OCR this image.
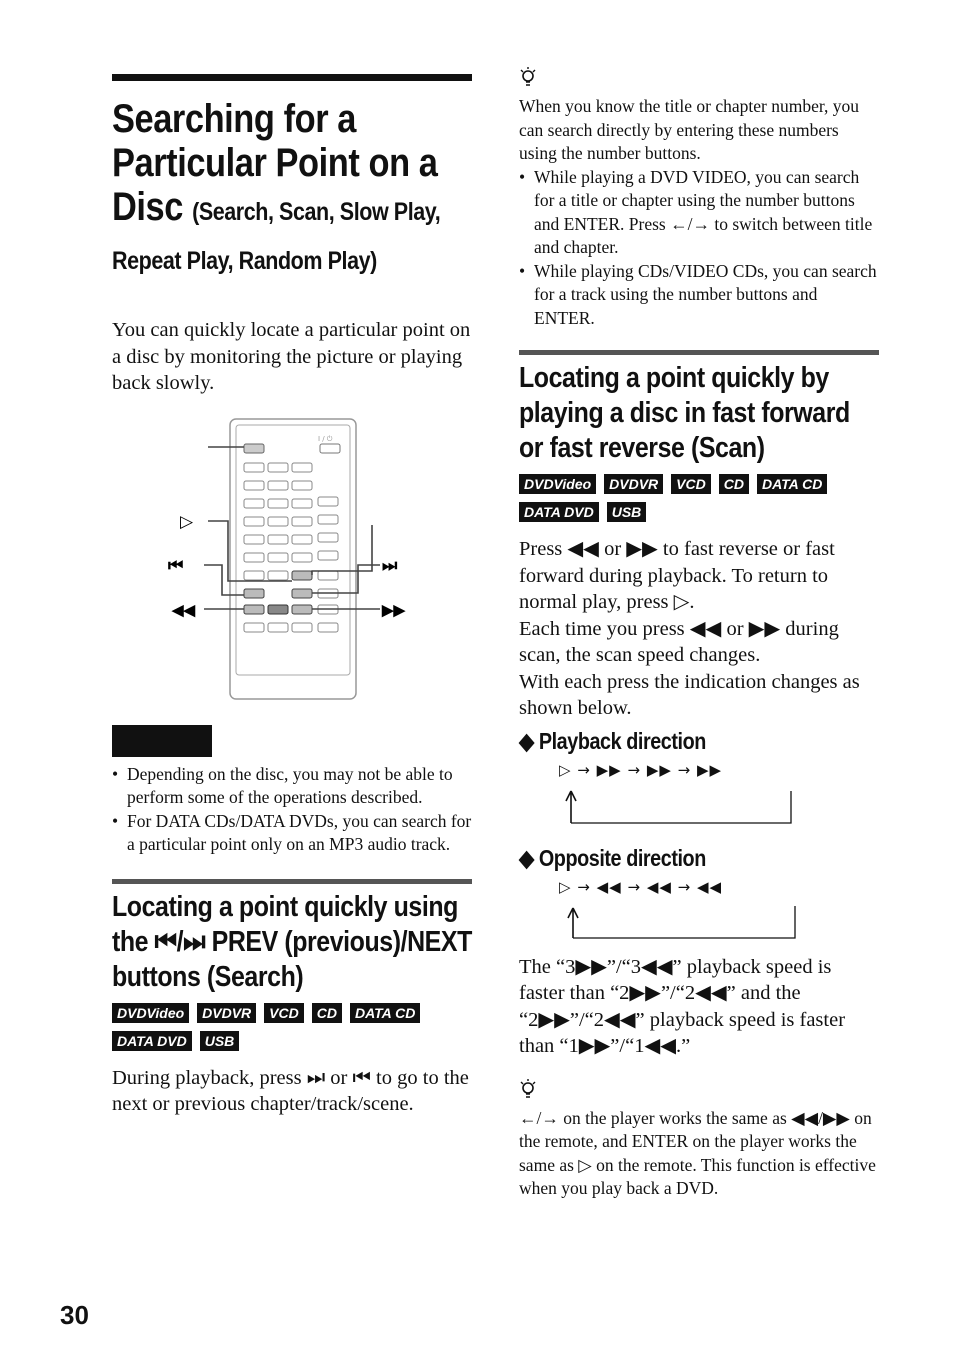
Searching for a Particular Point on a Disc (Search, Scan, Slow Play, Repeat Play, Random Play)

You can quickly locate a particular point on a disc by monitoring the picture or playing back slowly.

I / ⏻
▷
⏮
◀◀
⏭
▶▶
• Depending on the disc, you may not be able to perform some of the operations described.
• For DATA CDs/DATA DVDs, you can search for a particular point only on an MP3 audio track.
Locating a point quickly using the ⏮/⏭ PREV (previous)/NEXT buttons (Search)
DVDVideo	DVDVR	VCD	CD	DATA CD
DATA DVD	USB

During playback, press ⏭ or ⏮ to go to the next or previous chapter/track/scene.

When you know the title or chapter number, you can search directly by entering these numbers using the number buttons.

• While playing a DVD VIDEO, you can search for a title or chapter using the number buttons and ENTER. Press ←/→ to switch between title and chapter.
• While playing CDs/VIDEO CDs, you can search for a track using the number buttons and ENTER.
Locating a point quickly by playing a disc in fast forward or fast reverse (Scan)
DVDVideo	DVDVR	VCD	CD	DATA CD
DATA DVD	USB

Press ◀◀ or ▶▶ to fast reverse or fast forward during playback. To return to normal play, press ▷.

Each time you press ◀◀ or ▶▶ during scan, the scan speed changes.

With each press the indication changes as shown below.

◆ Playback direction
▷ → ▶▶ → ▶▶ → ▶▶
◆ Opposite direction
▷ → ◀◀ → ◀◀ → ◀◀

The “3▶▶”/“3◀◀” playback speed is faster than “2▶▶”/“2◀◀” and the “2▶▶”/“2◀◀” playback speed is faster than “1▶▶”/“1◀◀.”

←/→ on the player works the same as ◀◀/▶▶ on the remote, and ENTER on the player works the same as ▷ on the remote. This function is effective when you play back a DVD.

30
